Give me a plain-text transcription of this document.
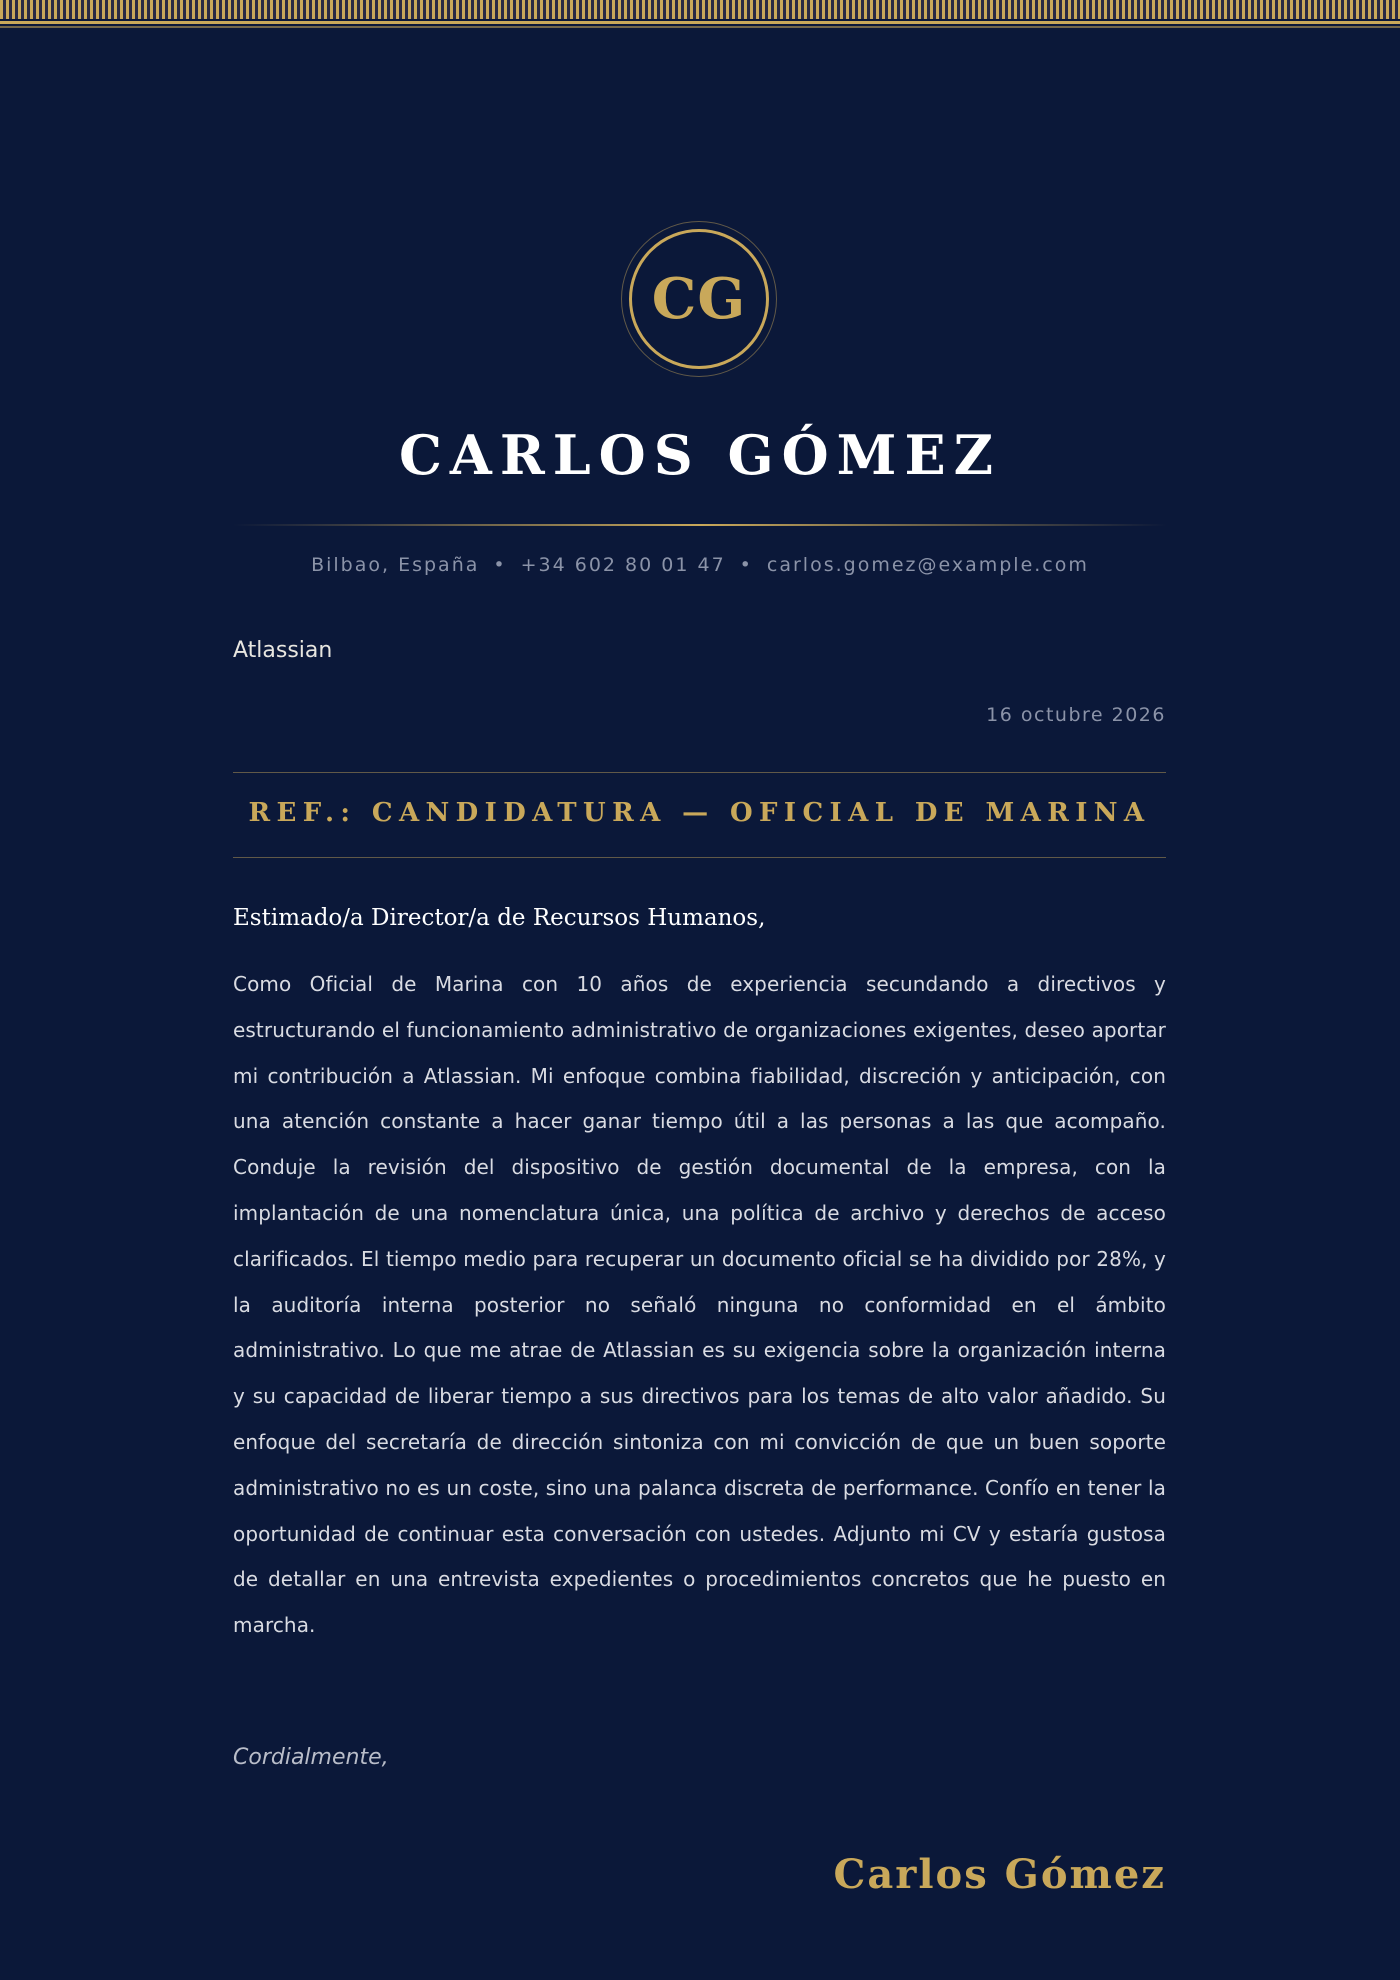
CG
CARLOS GÓMEZ
Bilbao, España • +34 602 80 01 47 • carlos.gomez@example.com
Atlassian
16 octubre 2026
REF.: CANDIDATURA — OFICIAL DE MARINA
Estimado/a Director/a de Recursos Humanos,

Como Oficial de Marina con 10 años de experiencia secundando a directivos y estructurando el funcionamiento administrativo de organizaciones exigentes, deseo aportar mi contribución a Atlassian. Mi enfoque combina fiabilidad, discreción y anticipación, con una atención constante a hacer ganar tiempo útil a las personas a las que acompaño. Conduje la revisión del dispositivo de gestión documental de la empresa, con la implantación de una nomenclatura única, una política de archivo y derechos de acceso clarificados. El tiempo medio para recuperar un documento oficial se ha dividido por 28%, y la auditoría interna posterior no señaló ninguna no conformidad en el ámbito administrativo. Lo que me atrae de Atlassian es su exigencia sobre la organización interna y su capacidad de liberar tiempo a sus directivos para los temas de alto valor añadido. Su enfoque del secretaría de dirección sintoniza con mi convicción de que un buen soporte administrativo no es un coste, sino una palanca discreta de performance. Confío en tener la oportunidad de continuar esta conversación con ustedes. Adjunto mi CV y estaría gustosa de detallar en una entrevista expedientes o procedimientos concretos que he puesto en marcha.

Cordialmente,
Carlos Gómez
